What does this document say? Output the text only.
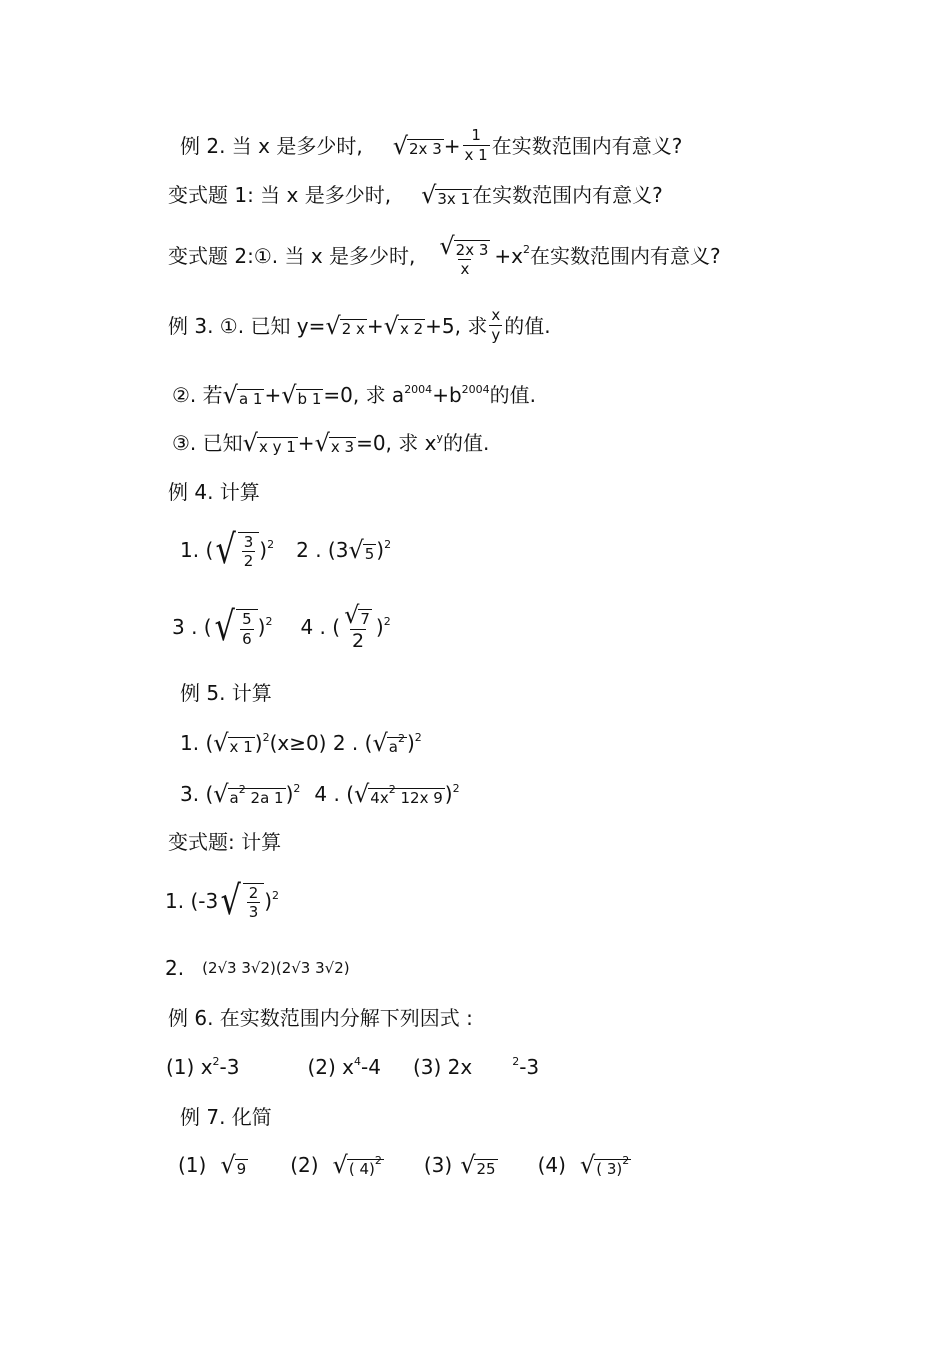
例 2. 当 x 是多少时, √ 2x $3 + \frac{1}{x 1}$ 在实数范围内有意义?
变式题 1: 当 x 是多少时, √ 3x 1 在实数范围内有意义?
变式题 2:①. 当 x 是多少时, $\frac{√ 2x 3}{x} +x^2$ 在实数范围内有意义?
例 3. ①. 已知 y= √ 2 x + √ x 2 +5, 求 $\frac{x}{y}$ 的值.
②. 若 √ a 1 + √ b 1 =0, 求 $a^{2004} +b^{2004}$ 的值.
③. 已知 √ x y 1 + √ x 3 =0, 求 $x^y$ 的值.
例 4. 计算
1. ( √ $\frac{3}{2} )^2$ 2 . (3 √ 5 )$^2$
3 . ( √ $\frac{5}{6} )^2$ 4 . ( $\frac{√ 7}{2} )^2$
例 5. 计算
1. ( √ x 1 )$^2$ (x≥0) 2 . ( √ $a^2$ )$^2$
3. ( √ $a^2$ 2a 1 )$^2$ 4 . ( √ $4x^2$ 12x 9 )$^2$
变式题: 计算
1. (-3 √ $\frac{2}{3} )^2$
2. (2√3 3√2)(2√3 3√2)
例 6. 在实数范围内分解下列因式 :
(1) $x^2$ -3	(2) $x^4$ -4 (3) 2x	$^2$ -3
例 7. 化简
(1) √ 9 (2) √ ( 4)$^2$ (3) √ 25 (4) √ ( 3)$^2$
